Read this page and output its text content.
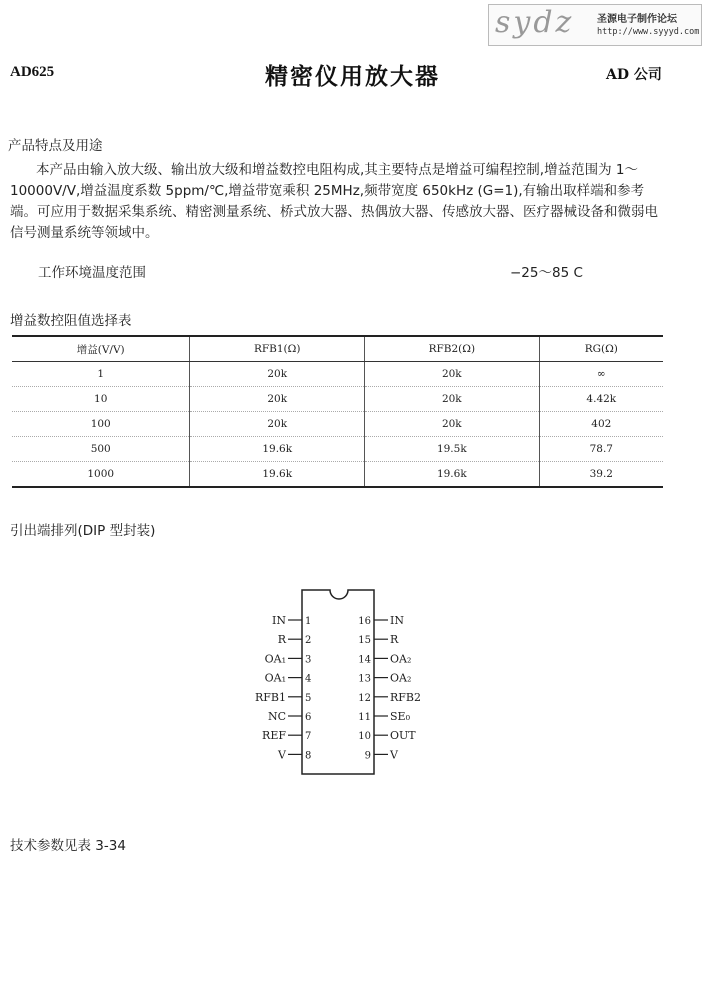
sydz 圣源电子制作论坛
http://www.syyyd.com
AD625	精密仪用放大器	AD 公司
产品特点及用途
本产品由输入放大级、输出放大级和增益数控电阻构成,其主要特点是增益可编程控制,增益范围为 1～10000V/V,增益温度系数 5ppm/℃,增益带宽乘积 25MHz,频带宽度 650kHz (G=1),有输出取样端和参考端。可应用于数据采集系统、精密测量系统、桥式放大器、热偶放大器、传感放大器、医疗器械设备和微弱电信号测量系统等领域中。
工作环境温度范围	−25～85 C
增益数控阻值选择表
增益(V/V)	RFB1(Ω)	RFB2(Ω)	RG(Ω)
1	20k	20k	∞
10	20k	20k	4.42k
100	20k	20k	402
500	19.6k	19.5k	78.7
1000	19.6k	19.6k	39.2
引出端排列(DIP 型封装)
IN 1
R 2
OA₁ 3
OA₁ 4
RFB1 5
NC 6
REF 7
V 8
IN
16
R
15
OA₂
14
OA₂
13
RFB2
12
SE₀
11
OUT
10
V
9
技术参数见表 3-34
